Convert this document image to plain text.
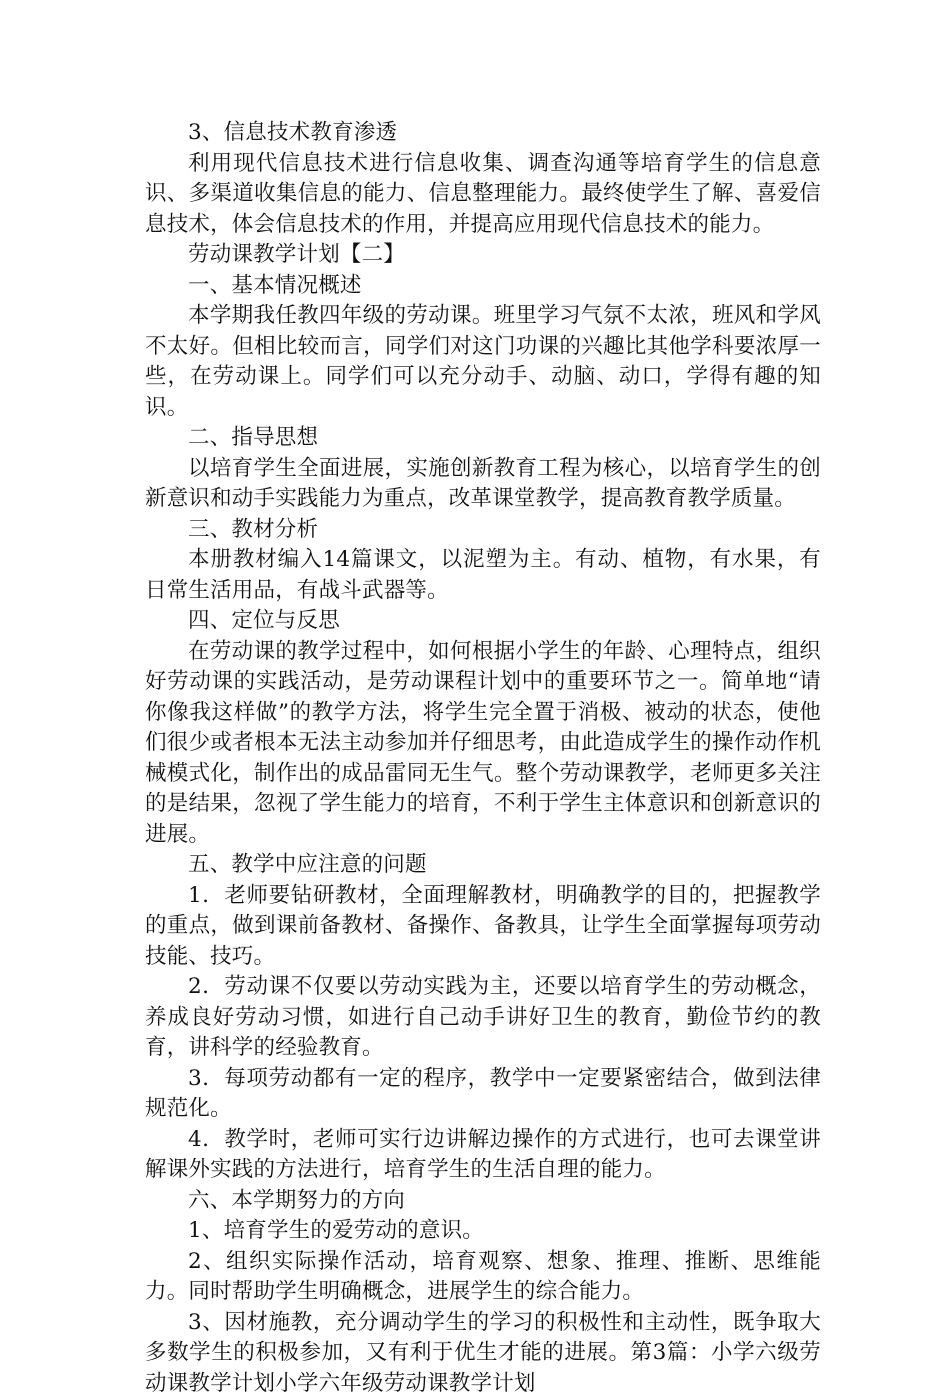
3、信息技术教育渗透

利用现代信息技术进行信息收集、调查沟通等培育学生的信息意识、多渠道收集信息的能力、信息整理能力。最终使学生了解、喜爱信息技术，体会信息技术的作用，并提高应用现代信息技术的能力。

劳动课教学计划【二】

一、基本情况概述

本学期我任教四年级的劳动课。班里学习气氛不太浓，班风和学风不太好。但相比较而言，同学们对这门功课的兴趣比其他学科要浓厚一些，在劳动课上。同学们可以充分动手、动脑、动口，学得有趣的知识。

二、指导思想

以培育学生全面进展，实施创新教育工程为核心，以培育学生的创新意识和动手实践能力为重点，改革课堂教学，提高教育教学质量。

三、教材分析

本册教材编入14篇课文，以泥塑为主。有动、植物，有水果，有日常生活用品，有战斗武器等。

四、定位与反思

在劳动课的教学过程中，如何根据小学生的年龄、心理特点，组织好劳动课的实践活动，是劳动课程计划中的重要环节之一。简单地“请你像我这样做”的教学方法，将学生完全置于消极、被动的状态，使他们很少或者根本无法主动参加并仔细思考，由此造成学生的操作动作机械模式化，制作出的成品雷同无生气。整个劳动课教学，老师更多关注的是结果，忽视了学生能力的培育，不利于学生主体意识和创新意识的进展。

五、教学中应注意的问题

1．老师要钻研教材，全面理解教材，明确教学的目的，把握教学的重点，做到课前备教材、备操作、备教具，让学生全面掌握每项劳动技能、技巧。

2．劳动课不仅要以劳动实践为主，还要以培育学生的劳动概念，养成良好劳动习惯，如进行自己动手讲好卫生的教育，勤俭节约的教育，讲科学的经验教育。

3．每项劳动都有一定的程序，教学中一定要紧密结合，做到法律规范化。

4．教学时，老师可实行边讲解边操作的方式进行，也可去课堂讲解课外实践的方法进行，培育学生的生活自理的能力。

六、本学期努力的方向

1、培育学生的爱劳动的意识。

2、组织实际操作活动，培育观察、想象、推理、推断、思维能力。同时帮助学生明确概念，进展学生的综合能力。

3、因材施教，充分调动学生的学习的积极性和主动性，既争取大多数学生的积极参加，又有利于优生才能的进展。第3篇：小学六级劳动课教学计划小学六年级劳动课教学计划
